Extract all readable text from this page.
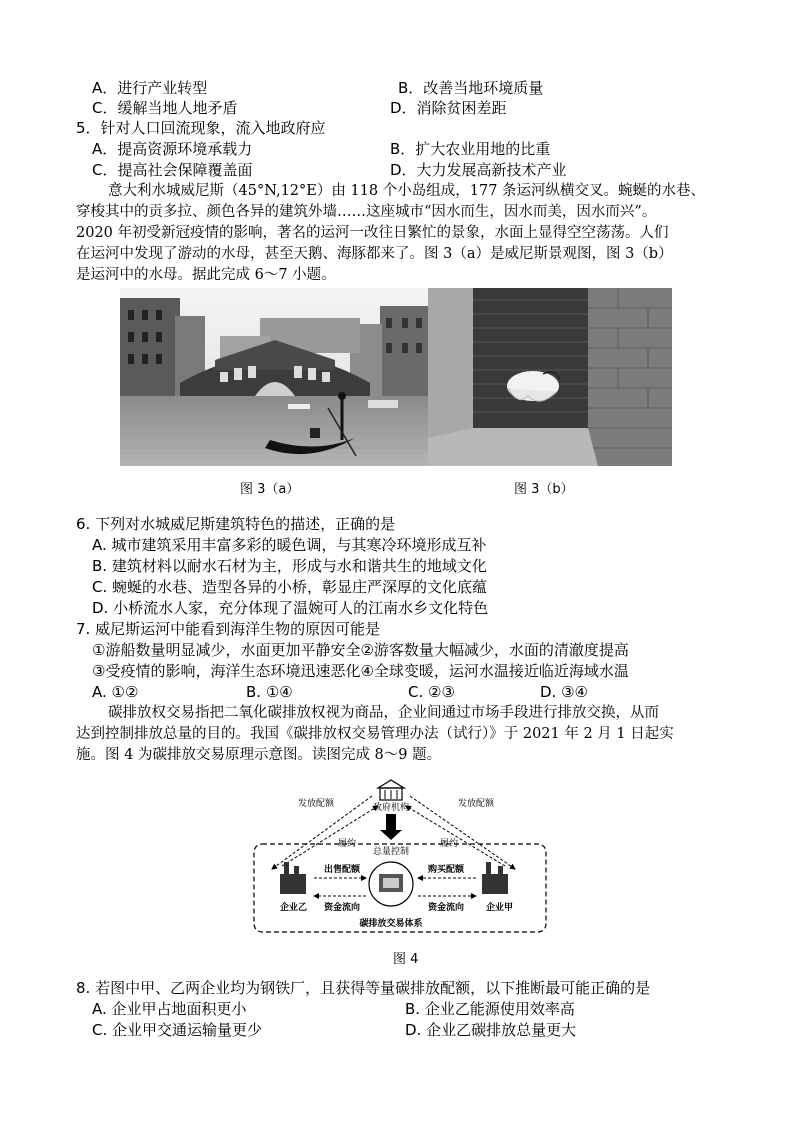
A．进行产业转型	B．改善当地环境质量
C．缓解当地人地矛盾	D．消除贫困差距
5．针对人口回流现象，流入地政府应
A．提高资源环境承载力	B．扩大农业用地的比重
C．提高社会保障覆盖面	D．大力发展高新技术产业
意大利水城威尼斯（45°N,12°E）由 118 个小岛组成，177 条运河纵横交叉。蜿蜒的水巷、
穿梭其中的贡多拉、颜色各异的建筑外墙……这座城市“因水而生，因水而美，因水而兴”。
2020 年初受新冠疫情的影响，著名的运河一改往日繁忙的景象，水面上显得空空荡荡。人们
在运河中发现了游动的水母，甚至天鹅、海豚都来了。图 3（a）是威尼斯景观图，图 3（b）
是运河中的水母。据此完成 6～7 小题。
图 3（a）	图 3（b）
6. 下列对水城威尼斯建筑特色的描述，正确的是
A. 城市建筑采用丰富多彩的暖色调，与其寒冷环境形成互补
B. 建筑材料以耐水石材为主，形成与水和谐共生的地域文化
C. 蜿蜒的水巷、造型各异的小桥，彰显庄严深厚的文化底蕴
D. 小桥流水人家，充分体现了温婉可人的江南水乡文化特色
7. 威尼斯运河中能看到海洋生物的原因可能是
①游船数量明显减少，水面更加平静安全②游客数量大幅减少，水面的清澈度提高
③受疫情的影响，海洋生态环境迅速恶化④全球变暖，运河水温接近临近海域水温
A. ①②	B. ①④	C. ②③	D. ③④
碳排放权交易指把二氧化碳排放权视为商品，企业间通过市场手段进行排放交换，从而
达到控制排放总量的目的。我国《碳排放权交易管理办法（试行）》于 2021 年 2 月 1 日起实
施。图 4 为碳排放交易原理示意图。读图完成 8～9 题。
政府机构
发放配额	发放配额
履约	履约
总量控制
出售配额	购买配额
企业乙 资金流向	资金流向 企业甲
碳排放交易体系
图 4
8. 若图中甲、乙两企业均为钢铁厂，且获得等量碳排放配额，以下推断最可能正确的是
A. 企业甲占地面积更小	B. 企业乙能源使用效率高
C. 企业甲交通运输量更少	D. 企业乙碳排放总量更大
